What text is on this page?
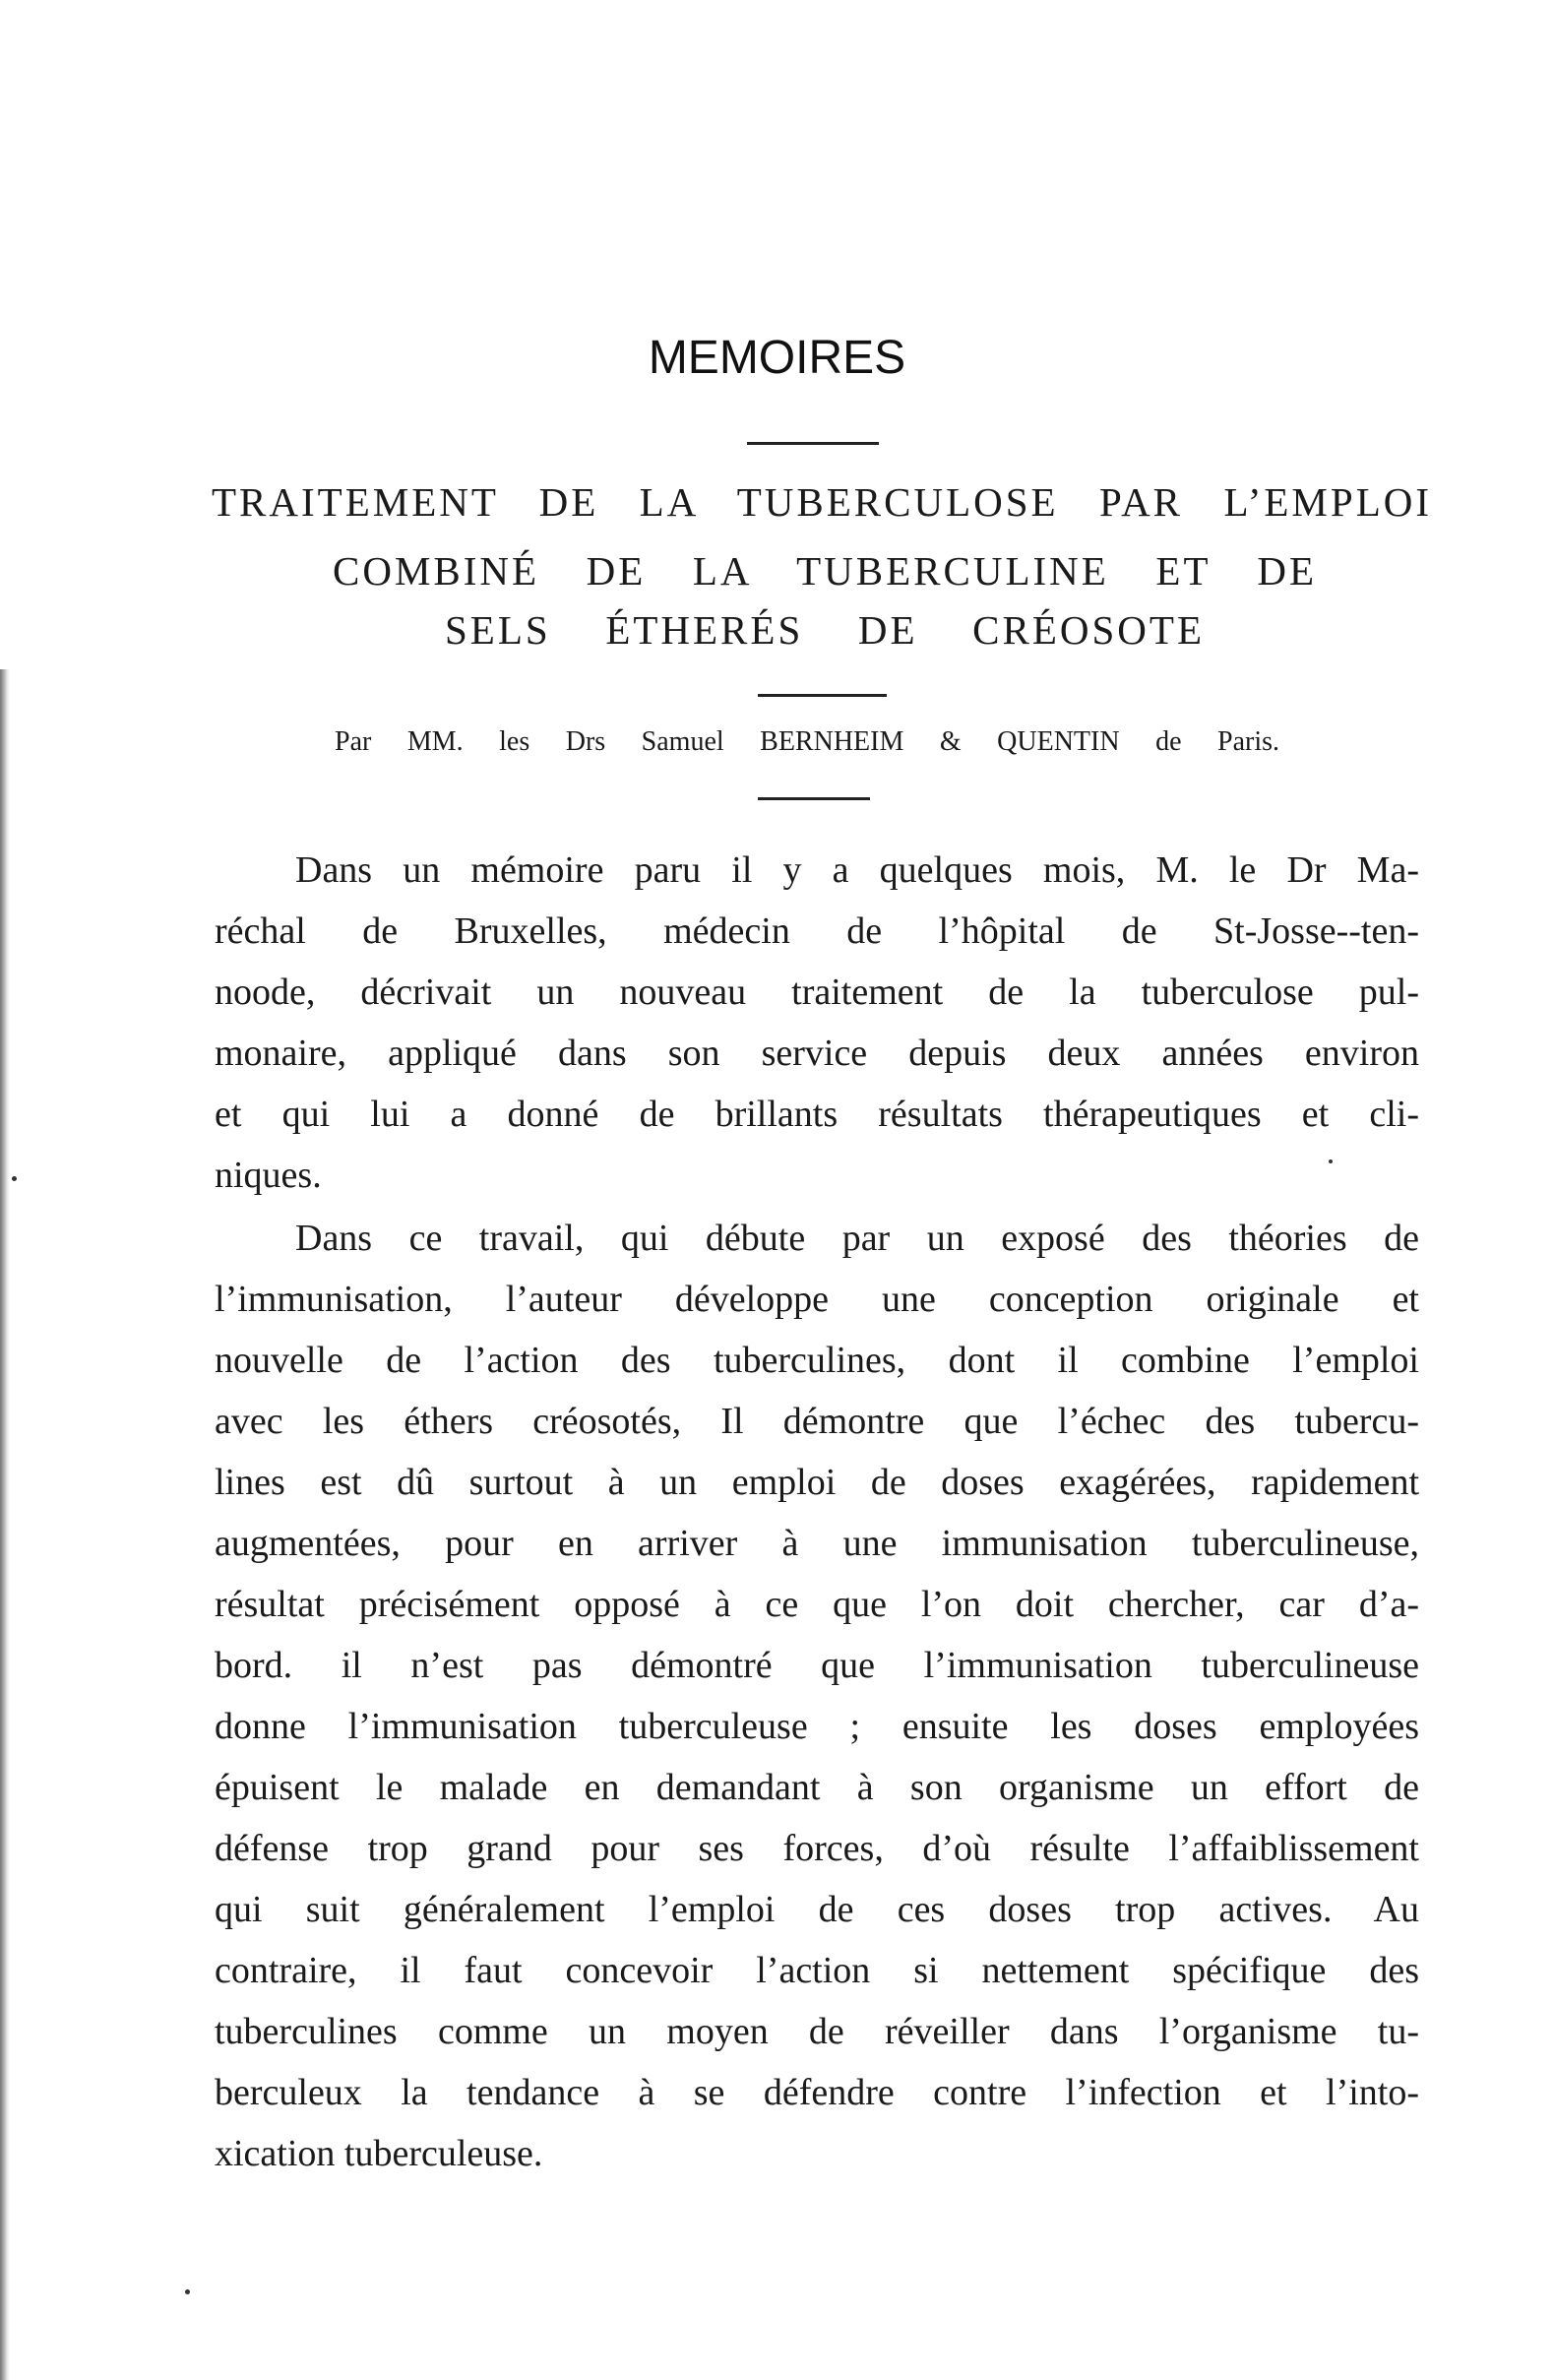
MEMOIRES
TRAITEMENT DE LA TUBERCULOSE PAR L’EMPLOI
COMBINÉ DE LA TUBERCULINE ET DE
SELS ÉTHERÉS DE CRÉOSOTE

Par MM. les Drs Samuel BERNHEIM & QUENTIN de Paris.

Dans un mémoire paru il y a quelques mois, M. le Dr Ma-

réchal de Bruxelles, médecin de l’hôpital de St-Josse--ten-

noode, décrivait un nouveau traitement de la tuberculose pul-

monaire, appliqué dans son service depuis deux années environ

et qui lui a donné de brillants résultats thérapeutiques et cli-

niques.

Dans ce travail, qui débute par un exposé des théories de

l’immunisation, l’auteur développe une conception originale et

nouvelle de l’action des tuberculines, dont il combine l’emploi

avec les éthers créosotés, Il démontre que l’échec des tubercu-

lines est dû surtout à un emploi de doses exagérées, rapidement

augmentées, pour en arriver à une immunisation tuberculineuse,

résultat précisément opposé à ce que l’on doit chercher, car d’a-

bord. il n’est pas démontré que l’immunisation tuberculineuse

donne l’immunisation tuberculeuse ; ensuite les doses employées

épuisent le malade en demandant à son organisme un effort de

défense trop grand pour ses forces, d’où résulte l’affaiblissement

qui suit généralement l’emploi de ces doses trop actives. Au

contraire, il faut concevoir l’action si nettement spécifique des

tuberculines comme un moyen de réveiller dans l’organisme tu-

berculeux la tendance à se défendre contre l’infection et l’into-

xication tuberculeuse.
